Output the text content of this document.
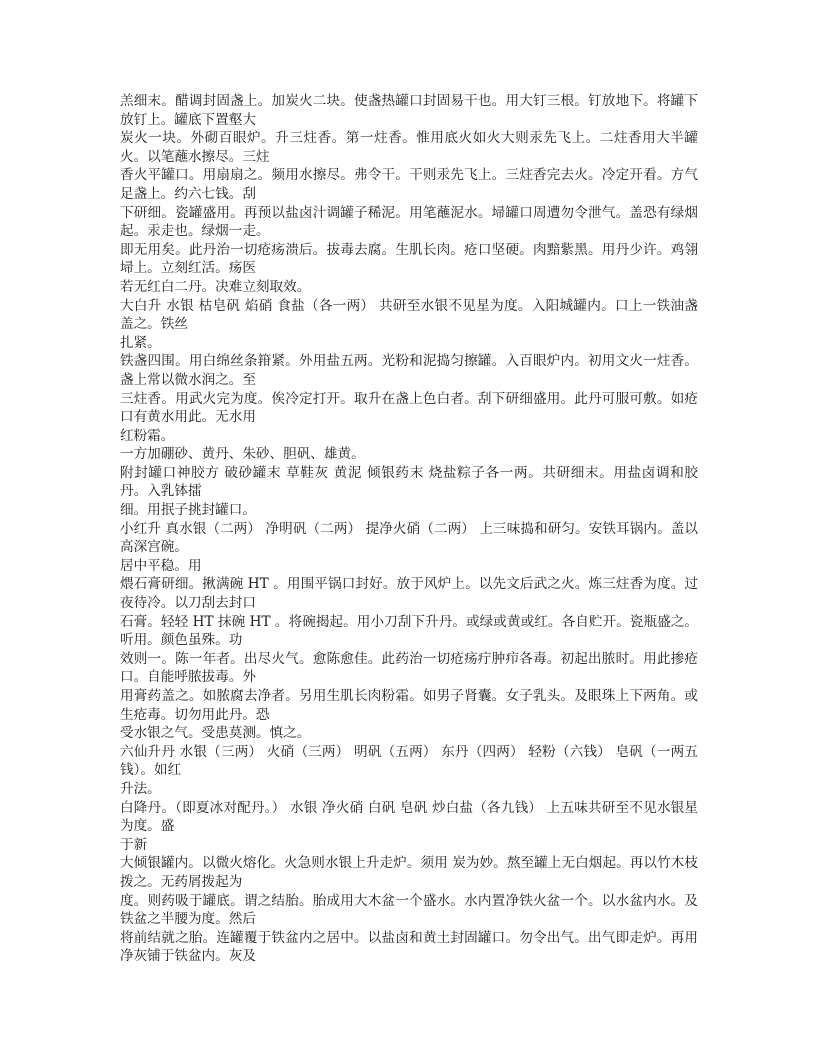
羔细末。醋调封固盏上。加炭火二块。使盏热罐口封固易干也。用大钉三根。钉放地下。将罐下放钉上。罐底下置壑大
炭火一块。外砌百眼炉。升三炷香。第一炷香。惟用底火如火大则汞先飞上。二炷香用大半罐火。以笔蘸水擦尽。三炷
香火平罐口。用扇扇之。频用水擦尽。弗令干。干则汞先飞上。三炷香完去火。冷定开看。方气足盏上。约六七钱。刮
下研细。瓷罐盛用。再预以盐卤汁调罐子稀泥。用笔蘸泥水。埽罐口周遭勿令泄气。盖恐有绿烟起。汞走也。绿烟一走。
即无用矣。此丹治一切疮疡溃后。拔毒去腐。生肌长肉。疮口坚硬。肉黯紫黑。用丹少许。鸡翎埽上。立刻红活。疡医
若无红白二丹。决难立刻取效。
大白升 水银 枯皂矾 焰硝 食盐（各一两） 共研至水银不见星为度。入阳城罐内。口上一铁油盏盖之。铁丝
扎紧。
铁盏四围。用白绵丝条箝紧。外用盐五两。光粉和泥捣匀擦罐。入百眼炉内。初用文火一炷香。盏上常以微水润之。至
三炷香。用武火完为度。俟冷定打开。取升在盏上色白者。刮下研细盛用。此丹可服可敷。如疮口有黄水用此。无水用
红粉霜。
一方加硼砂、黄丹、朱砂、胆矾、雄黄。
附封罐口神胶方 破砂罐末 草鞋灰 黄泥 倾银药末 烧盐粽子各一两。共研细末。用盐卤调和胶丹。入乳钵擂
细。用抿子挑封罐口。
小红升 真水银（二两） 净明矾（二两） 提净火硝（二两） 上三味捣和研匀。安铁耳锅内。盖以高深宫碗。
居中平稳。用
煨石膏研细。揪满碗 HT 。用围平锅口封好。放于风炉上。以先文后武之火。炼三炷香为度。过夜待冷。以刀刮去封口
石膏。轻轻 HT 抹碗 HT 。将碗揭起。用小刀刮下升丹。或绿或黄或红。各自贮开。瓷瓶盛之。听用。颜色虽殊。功
效则一。陈一年者。出尽火气。愈陈愈佳。此药治一切疮疡疔肿疖各毒。初起出脓时。用此掺疮口。自能呼脓拔毒。外
用膏药盖之。如脓腐去净者。另用生肌长肉粉霜。如男子肾囊。女子乳头。及眼珠上下两角。或生疮毒。切勿用此丹。恐
受水银之气。受患莫测。慎之。
六仙升丹 水银（三两） 火硝（三两） 明矾（五两） 东丹（四两） 轻粉（六钱） 皂矾（一两五钱）。如红
升法。
白降丹。（即夏冰对配丹。） 水银 净火硝 白矾 皂矾 炒白盐（各九钱） 上五味共研至不见水银星为度。盛
于新
大倾银罐内。以微火熔化。火急则水银上升走炉。须用 炭为妙。熬至罐上无白烟起。再以竹木枝拨之。无药屑拨起为
度。则药吸于罐底。谓之结胎。胎成用大木盆一个盛水。水内置净铁火盆一个。以水盆内水。及铁盆之半腰为度。然后
将前结就之胎。连罐覆于铁盆内之居中。以盐卤和黄土封固罐口。勿令出气。出气即走炉。再用净灰铺于铁盆内。灰及
